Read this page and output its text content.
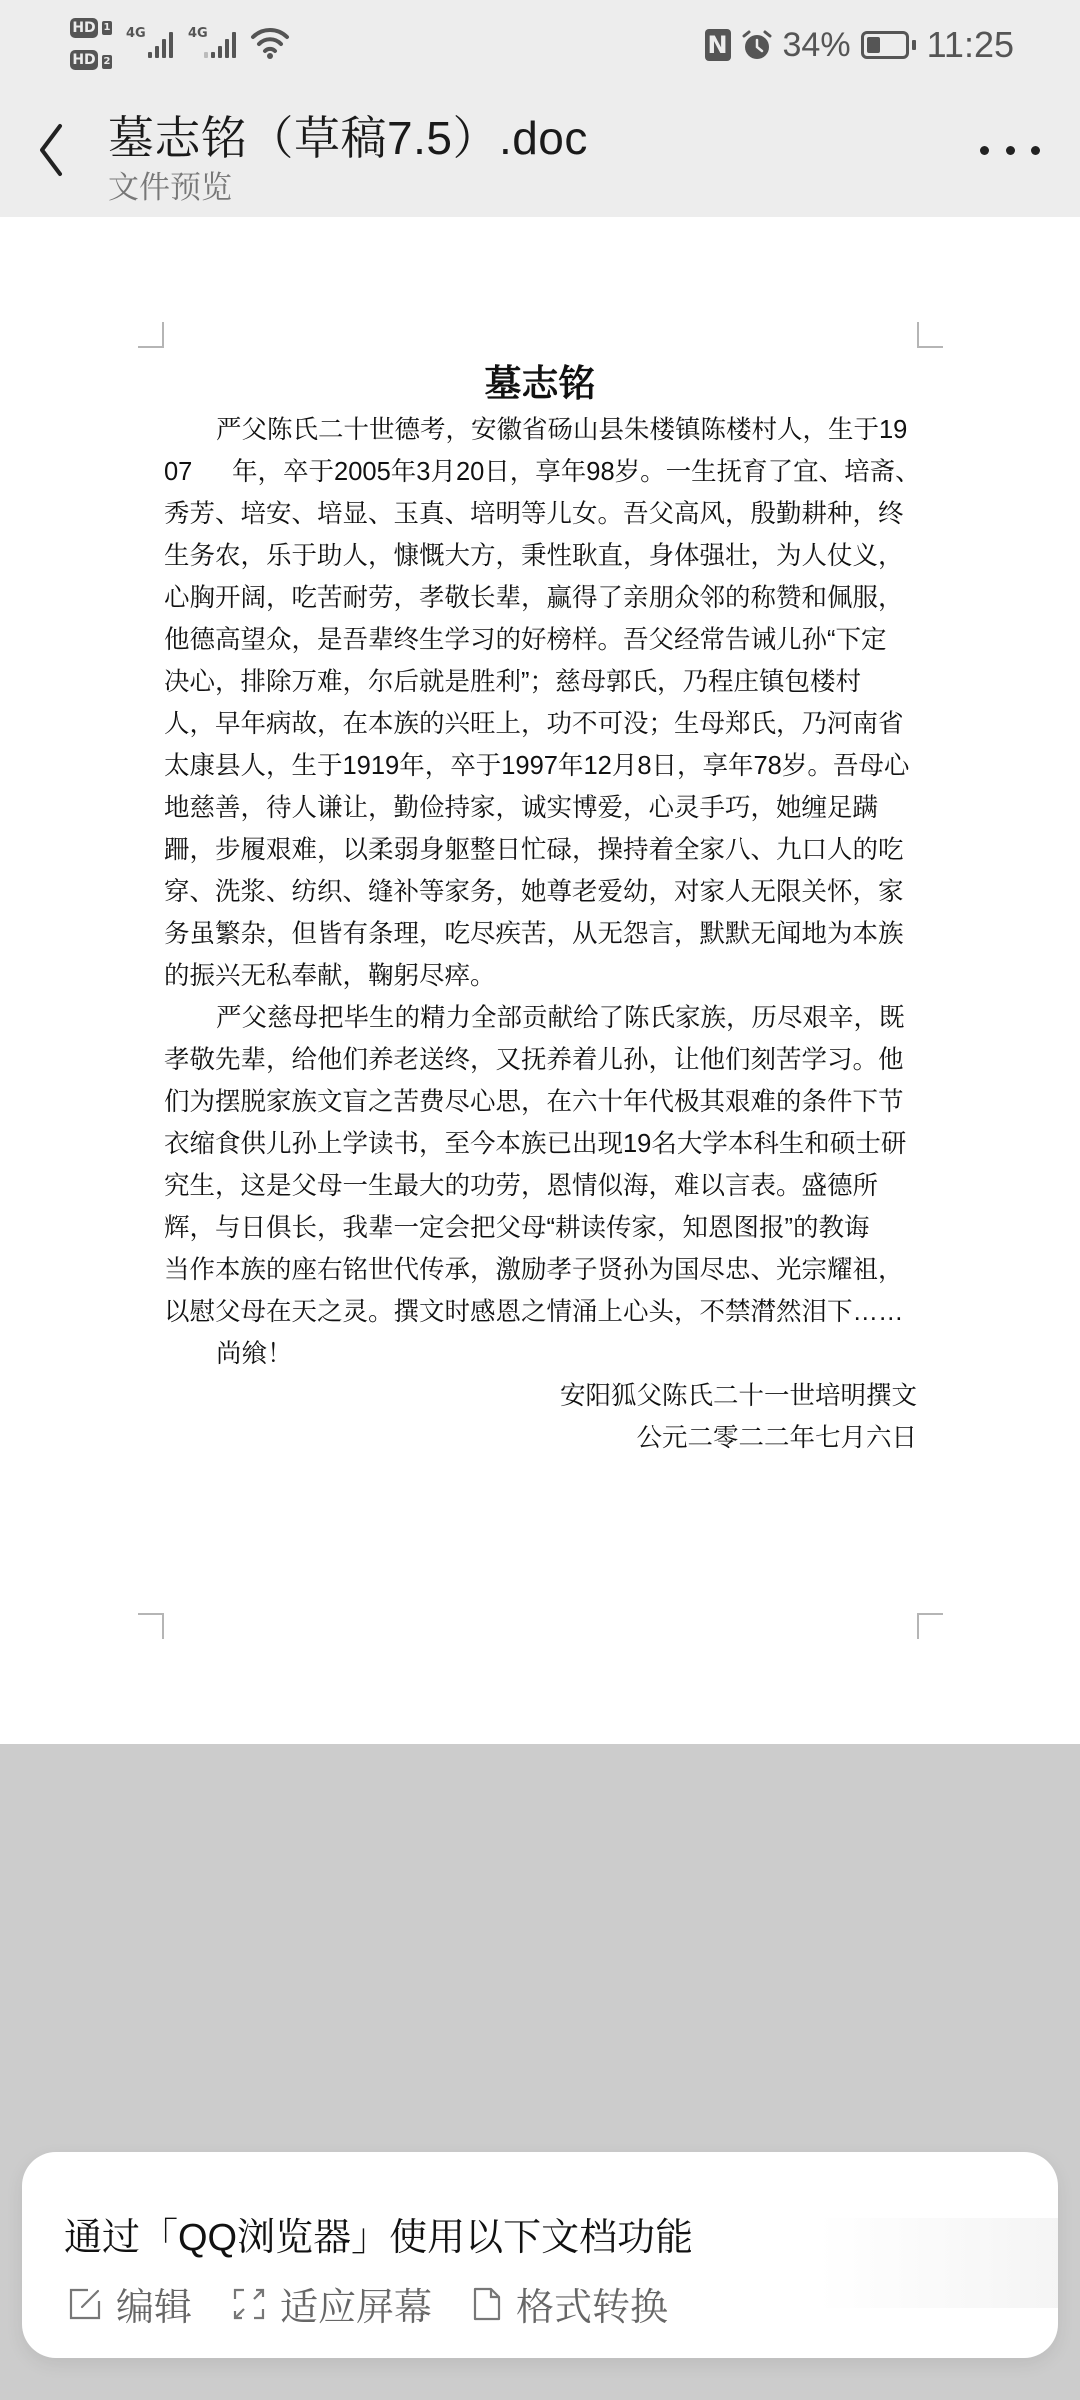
HD 1
HD 2
4G	4G	N 34% 11:25
墓志铭（草稿7.5）.doc
文件预览
墓志铭
严父陈氏二十世德考，安徽省砀山县朱楼镇陈楼村人，生于19
07　  年，卒于2005年3月20日，享年98岁。一生抚育了宜、培斋、
秀芳、培安、培显、玉真、培明等儿女。吾父高风，殷勤耕种，终
生务农，乐于助人，慷慨大方，秉性耿直，身体强壮，为人仗义，
心胸开阔，吃苦耐劳，孝敬长辈，赢得了亲朋众邻的称赞和佩服，
他德高望众，是吾辈终生学习的好榜样。吾父经常告诫儿孙“下定
决心，排除万难，尔后就是胜利”；慈母郭氏，乃程庄镇包楼村
人，早年病故，在本族的兴旺上，功不可没；生母郑氏，乃河南省
太康县人，生于1919年，卒于1997年12月8日，享年78岁。吾母心
地慈善，待人谦让，勤俭持家，诚实博爱，心灵手巧，她缠足蹒
跚，步履艰难，以柔弱身躯整日忙碌，操持着全家八、九口人的吃
穿、洗浆、纺织、缝补等家务，她尊老爱幼，对家人无限关怀，家
务虽繁杂，但皆有条理，吃尽疾苦，从无怨言，默默无闻地为本族
的振兴无私奉献，鞠躬尽瘁。
严父慈母把毕生的精力全部贡献给了陈氏家族，历尽艰辛，既
孝敬先辈，给他们养老送终，又抚养着儿孙，让他们刻苦学习。他
们为摆脱家族文盲之苦费尽心思，在六十年代极其艰难的条件下节
衣缩食供儿孙上学读书，至今本族已出现19名大学本科生和硕士研
究生，这是父母一生最大的功劳，恩情似海，难以言表。盛德所
辉，与日俱长，我辈一定会把父母“耕读传家，知恩图报”的教诲
当作本族的座右铭世代传承，激励孝子贤孙为国尽忠、光宗耀祖，
以慰父母在天之灵。撰文时感恩之情涌上心头，不禁潸然泪下……
尚飨！
安阳狐父陈氏二十一世培明撰文
公元二零二二年七月六日
通过「QQ浏览器」使用以下文档功能
编辑 适应屏幕 格式转换
